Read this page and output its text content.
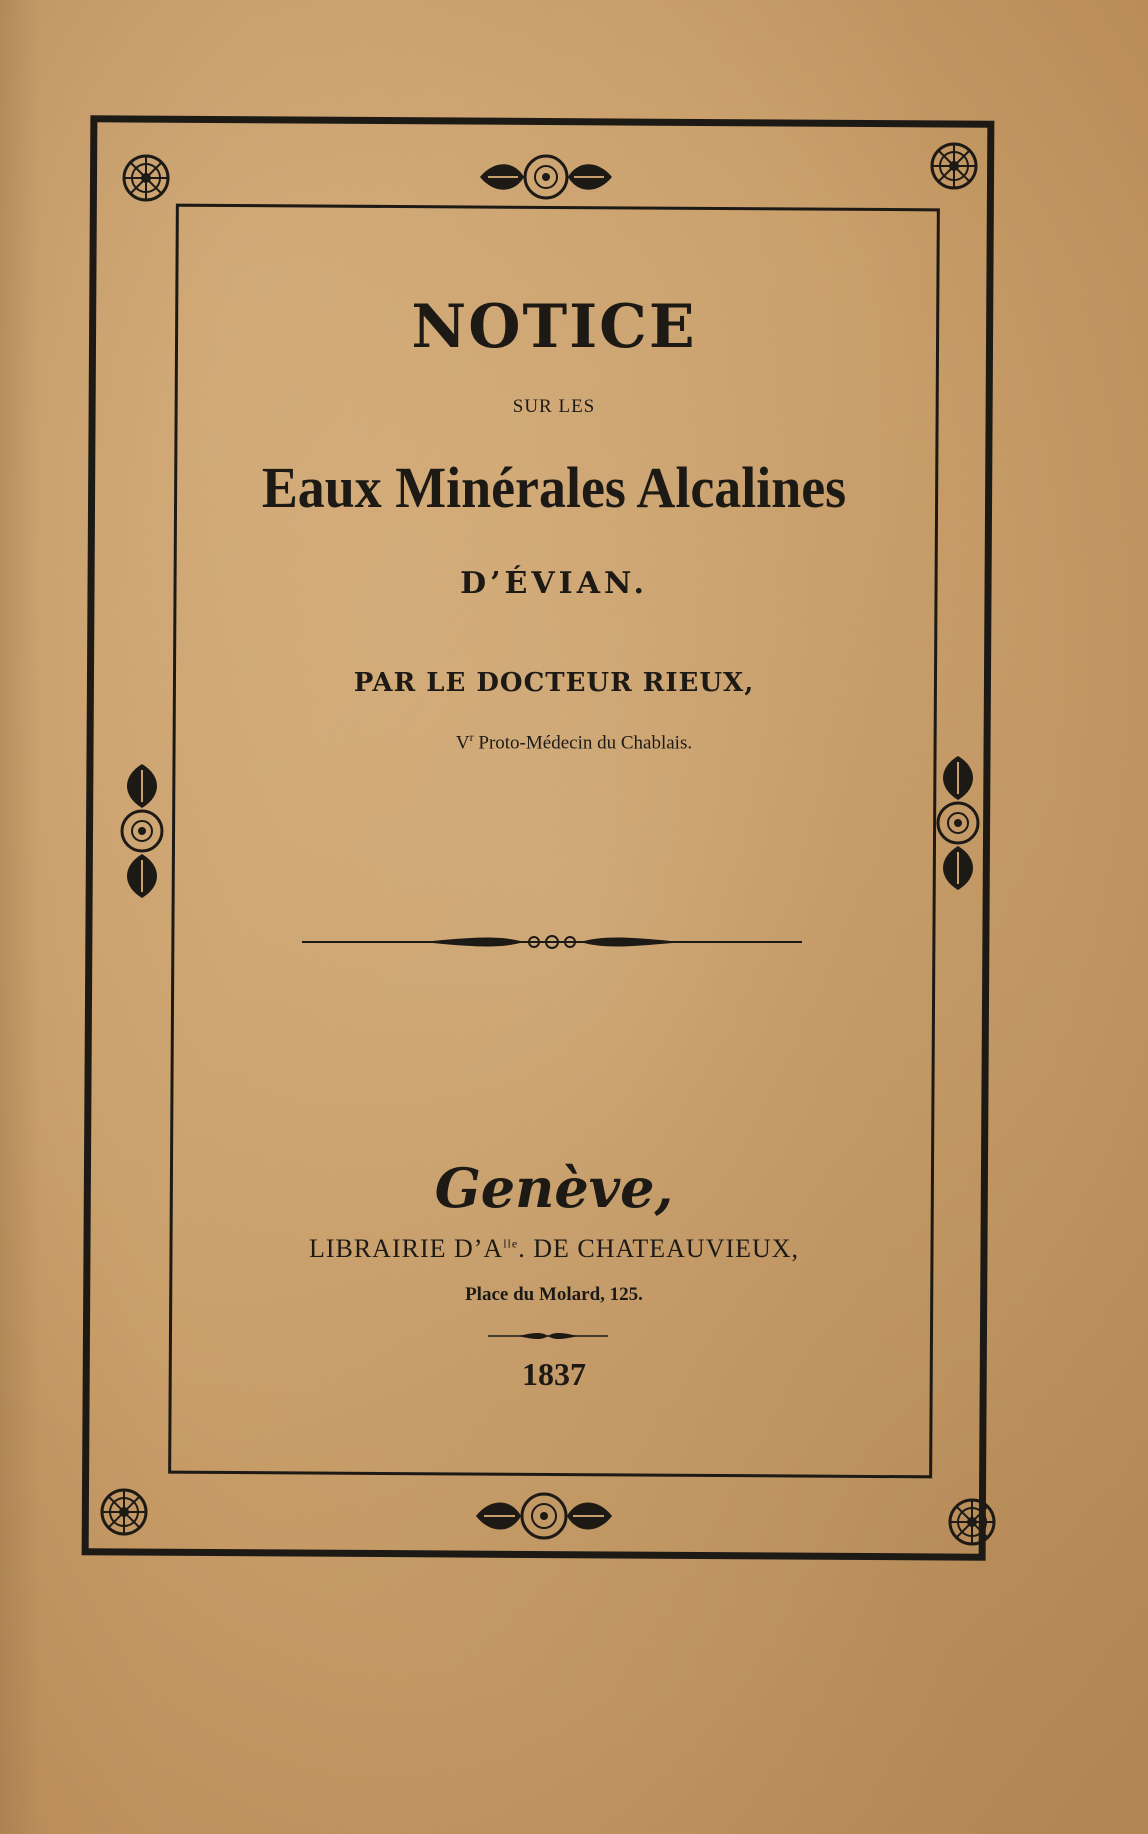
NOTICE
SUR LES
Eaux Minérales Alcalines
D’ÉVIAN.
PAR LE DOCTEUR RIEUX,
$V^r$ Proto-Médecin du Chablais.
Genève,
LIBRAIRIE $D’A^{lle}$. DE CHATEAUVIEUX,
Place du Molard, 125.
1837
